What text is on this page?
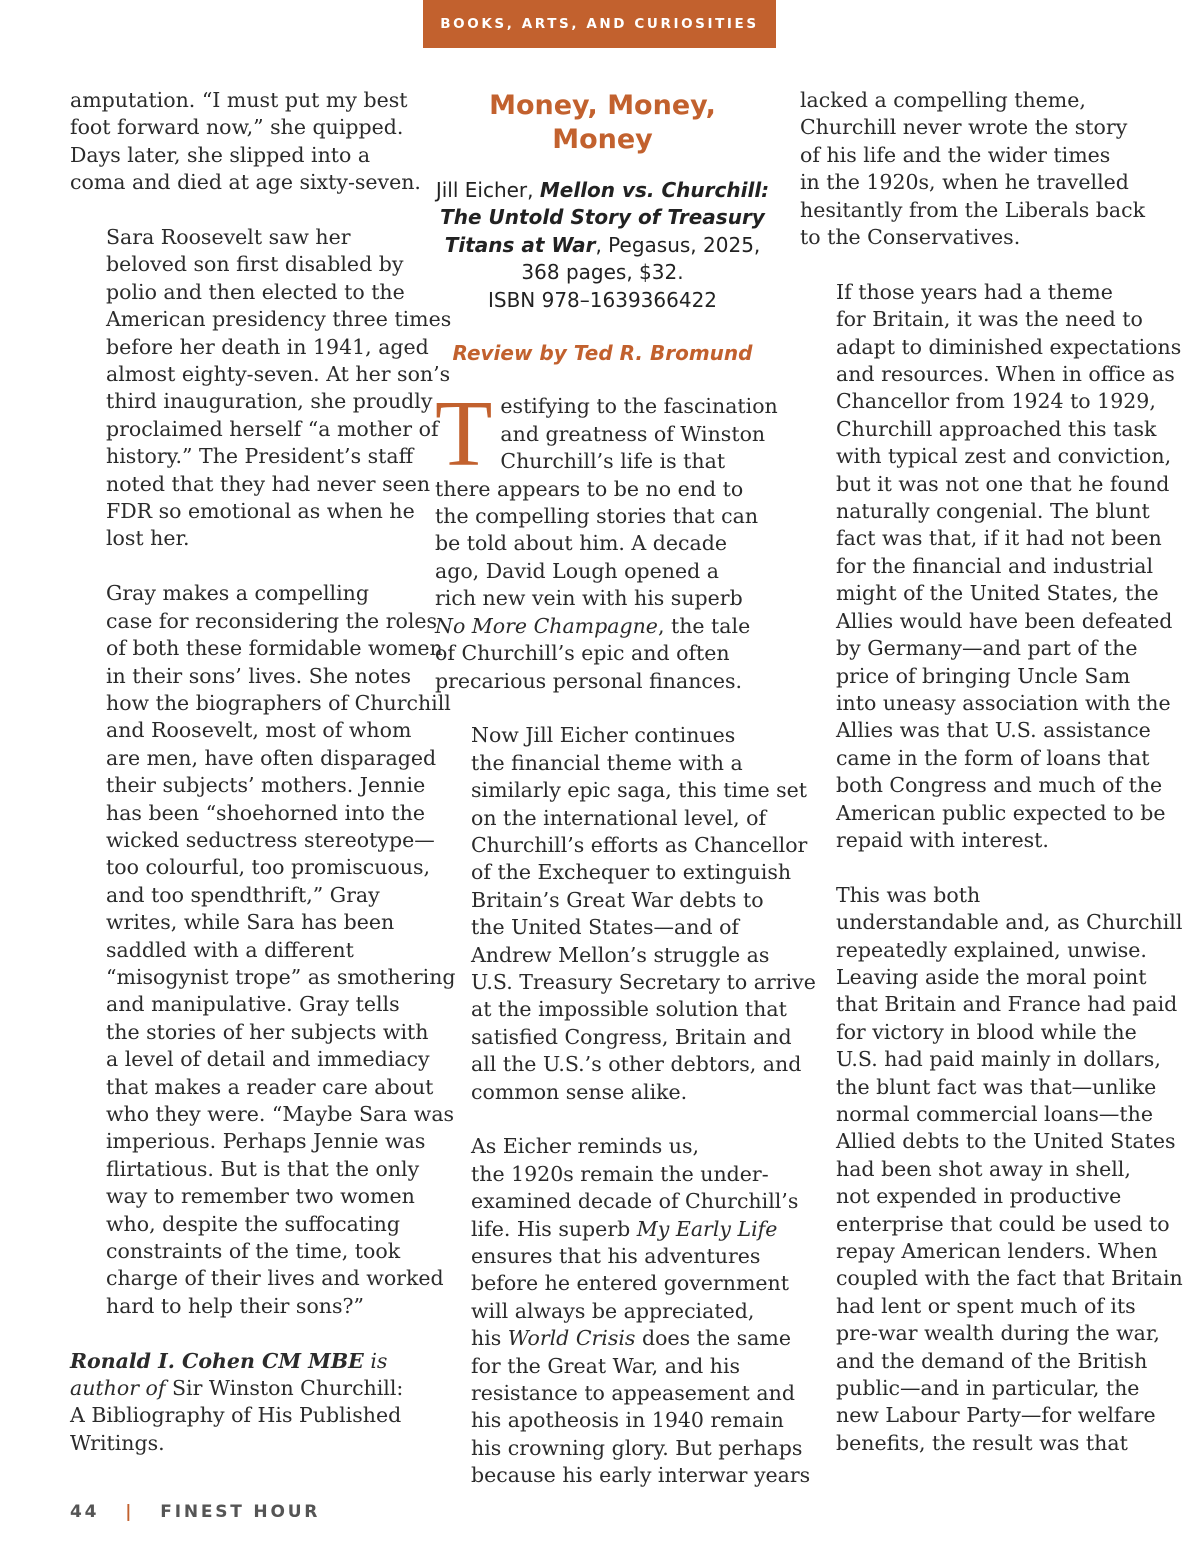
BOOKS, ARTS, AND CURIOSITIES

amputation. “I must put my best
foot forward now,” she quipped.
Days later, she slipped into a
coma and died at age sixty-seven.

Sara Roosevelt saw her
beloved son first disabled by
polio and then elected to the
American presidency three times
before her death in 1941, aged
almost eighty-seven. At her son’s
third inauguration, she proudly
proclaimed herself “a mother of
history.” The President’s staff
noted that they had never seen
FDR so emotional as when he
lost her.

Gray makes a compelling
case for reconsidering the roles
of both these formidable women
in their sons’ lives. She notes
how the biographers of Churchill
and Roosevelt, most of whom
are men, have often disparaged
their subjects’ mothers. Jennie
has been “shoehorned into the
wicked seductress stereotype—
too colourful, too promiscuous,
and too spendthrift,” Gray
writes, while Sara has been
saddled with a different
“misogynist trope” as smothering
and manipulative. Gray tells
the stories of her subjects with
a level of detail and immediacy
that makes a reader care about
who they were. “Maybe Sara was
imperious. Perhaps Jennie was
flirtatious. But is that the only
way to remember two women
who, despite the suffocating
constraints of the time, took
charge of their lives and worked
hard to help their sons?”

Ronald I. Cohen CM MBE is
author of Sir Winston Churchill:
A Bibliography of His Published
Writings.

Money, Money, Money

Jill Eicher, Mellon vs. Churchill:
The Untold Story of Treasury
Titans at War, Pegasus, 2025,
368 pages, $32.
ISBN 978–1639366422

Review by Ted R. Bromund

T estifying to the fascination
and greatness of Winston
Churchill’s life is that
there appears to be no end to
the compelling stories that can
be told about him. A decade
ago, David Lough opened a
rich new vein with his superb
No More Champagne, the tale
of Churchill’s epic and often
precarious personal finances.

Now Jill Eicher continues
the financial theme with a
similarly epic saga, this time set
on the international level, of
Churchill’s efforts as Chancellor
of the Exchequer to extinguish
Britain’s Great War debts to
the United States—and of
Andrew Mellon’s struggle as
U.S. Treasury Secretary to arrive
at the impossible solution that
satisfied Congress, Britain and
all the U.S.’s other debtors, and
common sense alike.

As Eicher reminds us,
the 1920s remain the under-
examined decade of Churchill’s
life. His superb My Early Life
ensures that his adventures
before he entered government
will always be appreciated,
his World Crisis does the same
for the Great War, and his
resistance to appeasement and
his apotheosis in 1940 remain
his crowning glory. But perhaps
because his early interwar years

lacked a compelling theme,
Churchill never wrote the story
of his life and the wider times
in the 1920s, when he travelled
hesitantly from the Liberals back
to the Conservatives.

If those years had a theme
for Britain, it was the need to
adapt to diminished expectations
and resources. When in office as
Chancellor from 1924 to 1929,
Churchill approached this task
with typical zest and conviction,
but it was not one that he found
naturally congenial. The blunt
fact was that, if it had not been
for the financial and industrial
might of the United States, the
Allies would have been defeated
by Germany—and part of the
price of bringing Uncle Sam
into uneasy association with the
Allies was that U.S. assistance
came in the form of loans that
both Congress and much of the
American public expected to be
repaid with interest.

This was both
understandable and, as Churchill
repeatedly explained, unwise.
Leaving aside the moral point
that Britain and France had paid
for victory in blood while the
U.S. had paid mainly in dollars,
the blunt fact was that—unlike
normal commercial loans—the
Allied debts to the United States
had been shot away in shell,
not expended in productive
enterprise that could be used to
repay American lenders. When
coupled with the fact that Britain
had lent or spent much of its
pre-war wealth during the war,
and the demand of the British
public—and in particular, the
new Labour Party—for welfare
benefits, the result was that

44 | FINEST HOUR
